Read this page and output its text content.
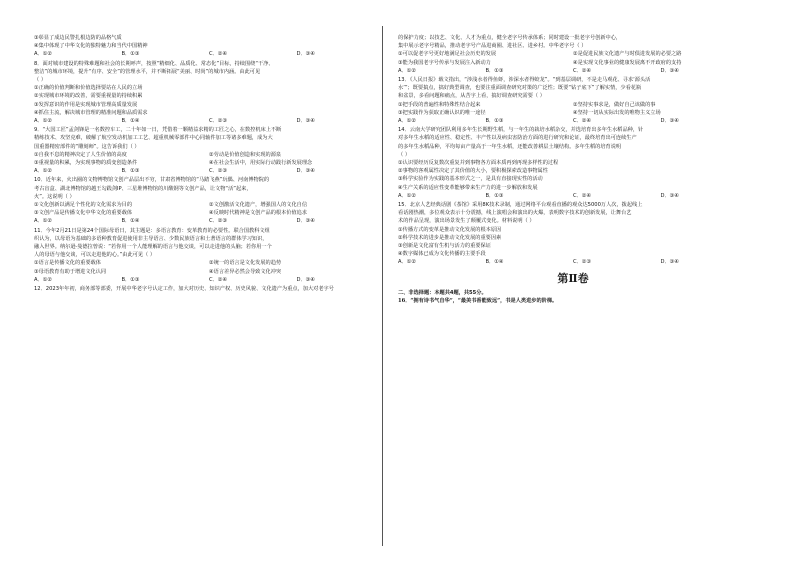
③彰显了成边民警扎根边防的品格气质
④集中体现了中华文化的独特魅力和当代中国精神
A．①②	B．①③	C．②④	D．③④
8．面对城市建设的特殊难题和社会的长期呼声，按照“精细化、品质化、常态化”目标，持续围绕“干净、
整洁”的城市环境，提升“有序、安全”的管理水平，并不断拓展“美丽、时尚”的城市内涵。由此可见
（ ）
①正确的价值判断和价值选择要站在人民的立场
②实现城市环境的改善，需要重视量的持续积累
③发挥意识的作用是实现城市管理高质量发展
④抓住主流，解决城市管理的精准问题和品质需求
A．①②	B．①④	C．②③	D．③④
9．“大国工匠”孟剑锋是一名数控车工，二十年如一日，凭借着一颗精益求精的工匠之心，在数控机床上不断
精练技术、攻坚克难，破解了航空发动机加工工艺、超重机械零部件中心同轴件加工等诸多难题，成为大
国重器精密部件的“雕刻师”。这告诉我们（ ）
①自我不息的精神决定了人生价值的高度	②劳动是价值创造和实现的源泉
③重视量的积累，为实现事物的质变创造条件	④在社会生活中，用实际行动践行新发展理念
A．①②	B．①③	C．②③	D．③④
10．近年来，火出圈的文物博物馆文创产品层出不穷，甘肃省博物馆的“马踏飞燕”玩偶、河南博物院的
考古盲盒、湖北博物馆的越王勾践剑IP、三星堆博物馆的川酸钢等文创产品，让文物“活”起来，
火”。这说明（ ）
①文化创新以满足个性化的文化需求为目的	②文创激活文化遗产，增强国人的文化自信
③文创产品是传播文化中华文化的重要载体	④反映时代精神是文创产品的根本价值追求
A．①②	B．①④	C．②③	D．③④
11．今年2月21日是第24个国际母语日，其主题是：多语言教育：变革教育的必要性。联合国教科文组
织认为，以母语为基础的多语种教育促进使用非主导语言、少数民族语言和土著语言的群体学习知识，
融入世界。纳尔逊·曼德拉曾说：“若你用一个人能理解的语言与他交谈，可以走进他的头脑；若你用一个
人的母语与他交谈，可以走进他的心。”由此可见（ ）
①语言是传播文化的重要载体	②统一的语言是文化发展的趋势
③母语教育有助于增进文化认同	④语言差异必然会导致文化冲突
A．①②	B．①③	C．②④	D．③④
12．2023年年初，商务部等部委，开展中华老字号认定工作，加大对历史、知识产权、历史风貌、文化遗产为重点，加大对老字号
的保护力度；以技艺、文化、人才为重点，健全老字号传承体系；同时建设一批老字号创新中心，
集中展示老字号精品，推动老字号产品进商圈、进社区、进乡村。中华老字号（ ）
①可以促老字号更好地满足社会历史的发展	②是促进民族文化遗产与时俱进发展的必要之路
③能为我国老字号传承与发展注入新动力	④是实现文化事业的健康发展离不开政府的支持
A．①②	B．①③	C．②④	D．③④
13．《人民日报》载文指出，“涉浅水者得鱼虾，涉深水者得蛟龙”。“到基层调研，不是走马观花、寻求‘源头活
水’”；既要搞点，搞好典型调查，也要注重面调查研究对策的广泛性；既要“钻子底下”了解实情，少看花瓶
和盆景，多看问题和痛点，从苦字上看，搞好调查研究需要（ ）
①把手段的普遍性和特殊性结合起来	②坚持实事求是，做好自己该做的事
③把实践作为获取正确认识的唯一途径	④坚持一切从实际出发的唯物主义立场
A．①②	B．①③	C．②④	D．③④
14．云南大学研究团队利用多年生长期野生稻，与一年生的栽培水稻杂交，并选培育出多年生水稻品种，针
对多年生水稻的适应性、稳定性、丰产性以及病虫害防治方面的进行研究和论证，最终培育出可连续生产
的多年生水稻品种，平均每亩产量高于一年生水稻，还能改善耕层土壤结构。多年生稻的培育说明
（ ）
①认识要经历反复数次重复并到事物各方面本质再到再现多样性的过程
②事物的客观属性决定了其价值的大小，要积极探索改造事物属性
③科学实验作为实践的基本形式之一，是具有直接现实性的活动
④生产关系的适应性变革能够带来生产力的进一步解放和发展
A．①②	B．①③	C．②④	D．③④
15．北京人艺经典话剧《茶馆》采用8K技术录制，通过网络平台观看直播的观众达5000万人次，拨起线上
看话剧热潮，多位观众表示十分震撼，线上演唱会和演出的火爆，表明数字技术的创新发展，让舞台艺
术的作品呈现，演出场景发生了颠覆式变化。材料说明（ ）
①传播方式的变革是推动文化发展的根本原因
②科学技术的进步是推动文化发展的重要因素
③创新是文化富有生机与活力的重要保证
④数字媒体已成为文化传播的主要手段
A．①②	B．①④	C．②③	D．③④
第Ⅱ卷
二、非选择题：本题共4题，共55分。
16．“拥有诗书气自华”，“最美书香能致远”，书是人类进步的阶梯。
